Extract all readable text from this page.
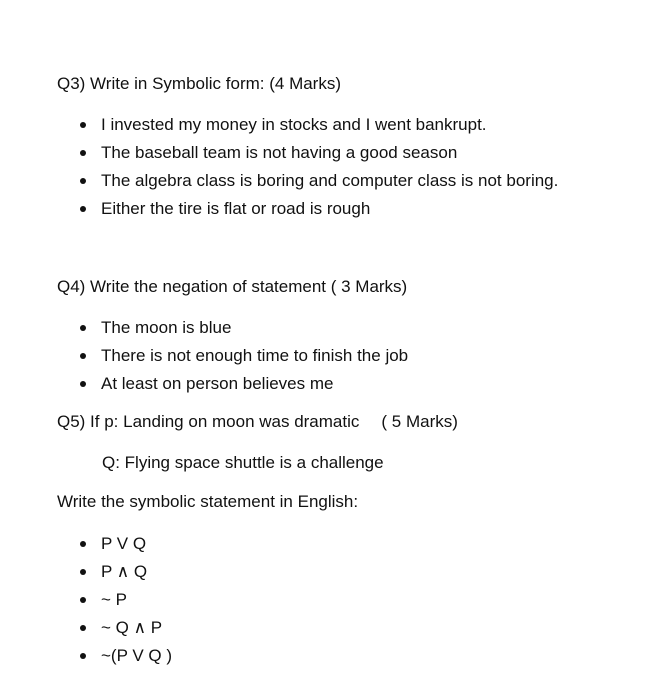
Q3) Write in Symbolic form: (4 Marks)

I invested my money in stocks and I went bankrupt.
The baseball team is not having a good season
The algebra class is boring and computer class is not boring.
Either the tire is flat or road is rough

Q4) Write the negation of statement ( 3 Marks)

The moon is blue
There is not enough time to finish the job
At least on person believes me

Q5) If p: Landing on moon was dramatic ( 5 Marks)

Q: Flying space shuttle is a challenge

Write the symbolic statement in English:

P V Q
P ∧ Q
~ P
~ Q ∧ P
~(P V Q )
